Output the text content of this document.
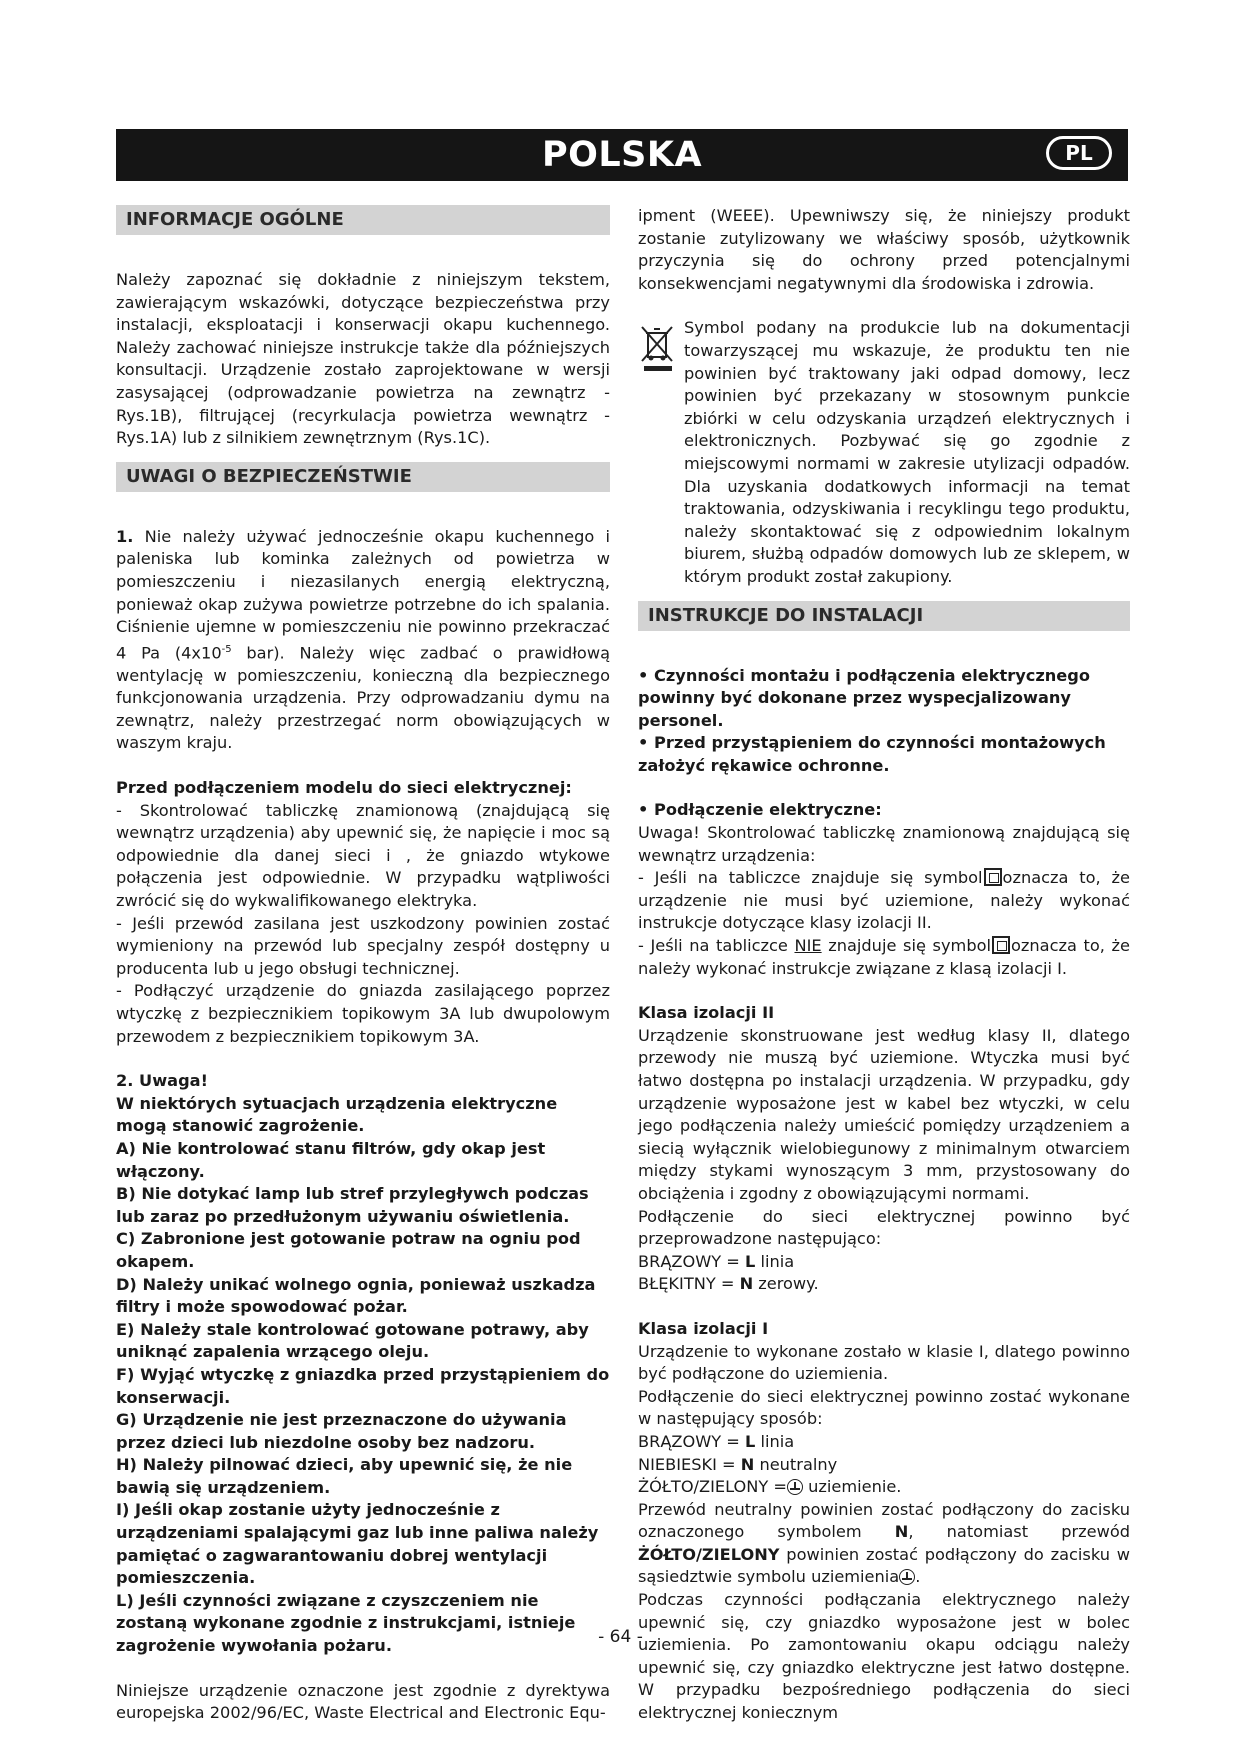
POLSKA	PL
INFORMACJE OGÓLNE

Należy zapoznać się dokładnie z niniejszym tekstem, zawierającym wskazówki, dotyczące bezpieczeństwa przy instalacji, eksploatacji i konserwacji okapu kuchennego. Należy zachować niniejsze instrukcje także dla późniejszych konsultacji. Urządzenie zostało zaprojektowane w wersji zasysającej (odprowadzanie powietrza na zewnątrz - Rys.1B), filtrującej (recyrkulacja powietrza wewnątrz - Rys.1A) lub z silnikiem zewnętrznym (Rys.1C).

UWAGI O BEZPIECZEŃSTWIE

1. Nie należy używać jednocześnie okapu kuchennego i paleniska lub kominka zależnych od powietrza w pomieszczeniu i niezasilanych energią elektryczną, ponieważ okap zużywa powietrze potrzebne do ich spalania. Ciśnienie ujemne w pomieszczeniu nie powinno przekraczać 4 Pa ($4x10^{-5}$ bar). Należy więc zadbać o prawidłową wentylację w pomieszczeniu, konieczną dla bezpiecznego funkcjonowania urządzenia. Przy odprowadzaniu dymu na zewnątrz, należy przestrzegać norm obowiązujących w waszym kraju.

Przed podłączeniem modelu do sieci elektrycznej:

- Skontrolować tabliczkę znamionową (znajdującą się wewnątrz urządzenia) aby upewnić się, że napięcie i moc są odpowiednie dla danej sieci i , że gniazdo wtykowe połączenia jest odpowiednie. W przypadku wątpliwości zwrócić się do wykwalifikowanego elektryka.

- Jeśli przewód zasilana jest uszkodzony powinien zostać wymieniony na przewód lub specjalny zespół dostępny u producenta lub u jego obsługi technicznej.

- Podłączyć urządzenie do gniazda zasilającego poprzez wtyczkę z bezpiecznikiem topikowym 3A lub dwupolowym przewodem z bezpiecznikiem topikowym 3A.

2. Uwaga!

W niektórych sytuacjach urządzenia elektryczne mogą stanowić zagrożenie.

A) Nie kontrolować stanu filtrów, gdy okap jest włączony.

B) Nie dotykać lamp lub stref przyległywch podczas lub zaraz po przedłużonym używaniu oświetlenia.

C) Zabronione jest gotowanie potraw na ogniu pod okapem.

D) Należy unikać wolnego ognia, ponieważ uszkadza filtry i może spowodować pożar.

E) Należy stale kontrolować gotowane potrawy, aby uniknąć zapalenia wrzącego oleju.

F) Wyjąć wtyczkę z gniazdka przed przystąpieniem do konserwacji.

G) Urządzenie nie jest przeznaczone do używania przez dzieci lub niezdolne osoby bez nadzoru.

H) Należy pilnować dzieci, aby upewnić się, że nie bawią się urządzeniem.

I) Jeśli okap zostanie użyty jednocześnie z urządzeniami spalającymi gaz lub inne paliwa należy pamiętać o zagwarantowaniu dobrej wentylacji pomieszczenia.

L) Jeśli czynności związane z czyszczeniem nie zostaną wykonane zgodnie z instrukcjami, istnieje zagrożenie wywołania pożaru.

Niniejsze urządzenie oznaczone jest zgodnie z dyrektywa europejska 2002/96/EC, Waste Electrical and Electronic Equ-

ipment (WEEE). Upewniwszy się, że niniejszy produkt zostanie zutylizowany we właściwy sposób, użytkownik przyczynia się do ochrony przed potencjalnymi konsekwencjami negatywnymi dla środowiska i zdrowia.

Symbol podany na produkcie lub na dokumentacji towarzyszącej mu wskazuje, że produktu ten nie powinien być traktowany jaki odpad domowy, lecz powinien być przekazany w stosownym punkcie zbiórki w celu odzyskania urządzeń elektrycznych i elektronicznych. Pozbywać się go zgodnie z miejscowymi normami w zakresie utylizacji odpadów. Dla uzyskania dodatkowych informacji na temat traktowania, odzyskiwania i recyklingu tego produktu, należy skontaktować się z odpowiednim lokalnym biurem, służbą odpadów domowych lub ze sklepem, w którym produkt został zakupiony.

INSTRUKCJE DO INSTALACJI

• Czynności montażu i podłączenia elektrycznego powinny być dokonane przez wyspecjalizowany personel.

• Przed przystąpieniem do czynności montażowych założyć rękawice ochronne.

• Podłączenie elektryczne:

Uwaga! Skontrolować tabliczkę znamionową znajdującą się wewnątrz urządzenia:

- Jeśli na tabliczce znajduje się symbol oznacza to, że urządzenie nie musi być uziemione, należy wykonać instrukcje dotyczące klasy izolacji II.

- Jeśli na tabliczce NIE znajduje się symbol oznacza to, że należy wykonać instrukcje związane z klasą izolacji I.

Klasa izolacji II

Urządzenie skonstruowane jest według klasy II, dlatego przewody nie muszą być uziemione. Wtyczka musi być łatwo dostępna po instalacji urządzenia. W przypadku, gdy urządzenie wyposażone jest w kabel bez wtyczki, w celu jego podłączenia należy umieścić pomiędzy urządzeniem a siecią wyłącznik wielobiegunowy z minimalnym otwarciem między stykami wynoszącym 3 mm, przystosowany do obciążenia i zgodny z obowiązującymi normami.

Podłączenie do sieci elektrycznej powinno być przeprowadzone następująco:

BRĄZOWY = L linia

BŁĘKITNY = N zerowy.

Klasa izolacji I

Urządzenie to wykonane zostało w klasie I, dlatego powinno być podłączone do uziemienia.

Podłączenie do sieci elektrycznej powinno zostać wykonane w następujący sposób:

BRĄZOWY = L linia

NIEBIESKI = N neutralny

ŻÓŁTO/ZIELONY = uziemienie.

Przewód neutralny powinien zostać podłączony do zacisku oznaczonego symbolem N, natomiast przewód ŻÓŁTO/ZIELONY powinien zostać podłączony do zacisku w sąsiedztwie symbolu uziemienia .

Podczas czynności podłączania elektrycznego należy upewnić się, czy gniazdko wyposażone jest w bolec uziemienia. Po zamontowaniu okapu odciągu należy upewnić się, czy gniazdko elektryczne jest łatwo dostępne. W przypadku bezpośredniego podłączenia do sieci elektrycznej koniecznym

- 64 -
